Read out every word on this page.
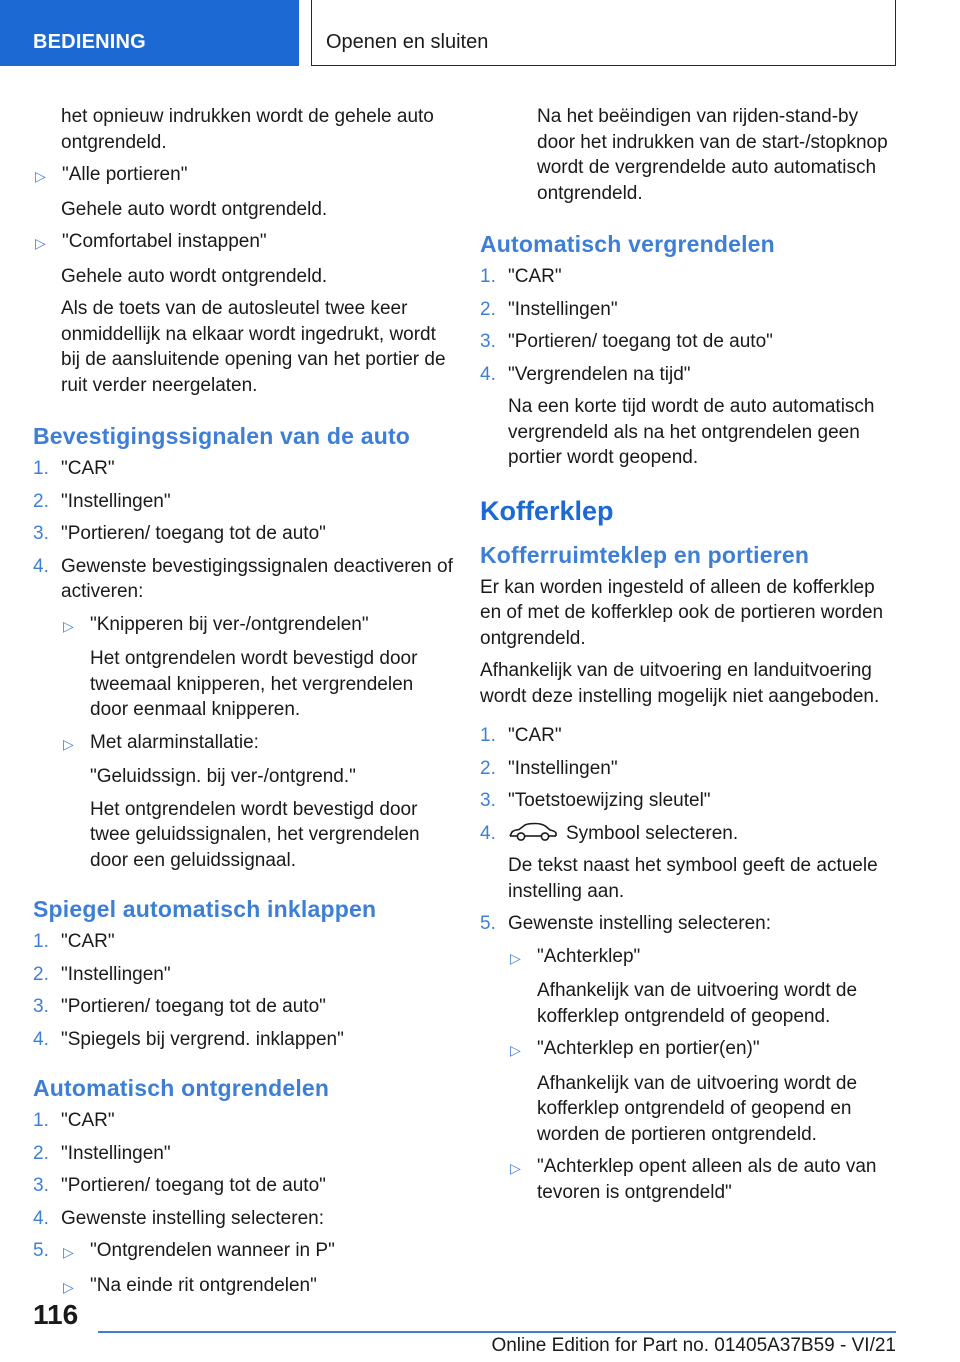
BEDIENING	Openen en sluiten

het opnieuw indrukken wordt de gehele auto ontgrendeld.

▷ "Alle portieren"

Gehele auto wordt ontgrendeld.

▷ "Comfortabel instappen"

Gehele auto wordt ontgrendeld.

Als de toets van de autosleutel twee keer onmiddellijk na elkaar wordt ingedrukt, wordt bij de aansluitende opening van het portier de ruit verder neergelaten.

Bevestigingssignalen van de auto
1. "CAR"
2. "Instellingen"
3. "Portieren/ toegang tot de auto"
4. Gewenste bevestigingssignalen deactiveren of activeren:
▷ "Knipperen bij ver-/ontgrendelen"

Het ontgrendelen wordt bevestigd door tweemaal knipperen, het vergrendelen door eenmaal knipperen.

▷ Met alarminstallatie:

"Geluidssign. bij ver-/ontgrend."

Het ontgrendelen wordt bevestigd door twee geluidssignalen, het vergrendelen door een geluidssignaal.

Spiegel automatisch inklappen
1. "CAR"
2. "Instellingen"
3. "Portieren/ toegang tot de auto"
4. "Spiegels bij vergrend. inklappen"
Automatisch ontgrendelen
1. "CAR"
2. "Instellingen"
3. "Portieren/ toegang tot de auto"
4. Gewenste instelling selecteren:
5.	▷ "Ontgrendelen wanneer in P"
▷ "Na einde rit ontgrendelen"

Na het beëindigen van rijden-stand-by door het indrukken van de start-/stopknop wordt de vergrendelde auto automatisch ontgrendeld.

Automatisch vergrendelen
1. "CAR"
2. "Instellingen"
3. "Portieren/ toegang tot de auto"
4. "Vergrendelen na tijd"

Na een korte tijd wordt de auto automatisch vergrendeld als na het ontgrendelen geen portier wordt geopend.

Kofferklep
Kofferruimteklep en portieren

Er kan worden ingesteld of alleen de kofferklep en of met de kofferklep ook de portieren worden ontgrendeld.

Afhankelijk van de uitvoering en landuitvoering wordt deze instelling mogelijk niet aangeboden.

1. "CAR"
2. "Instellingen"
3. "Toetstoewijzing sleutel"
4.	Symbool selecteren.

De tekst naast het symbool geeft de actuele instelling aan.

5. Gewenste instelling selecteren:
▷ "Achterklep"

Afhankelijk van de uitvoering wordt de kofferklep ontgrendeld of geopend.

▷ "Achterklep en portier(en)"

Afhankelijk van de uitvoering wordt de kofferklep ontgrendeld of geopend en worden de portieren ontgrendeld.

▷ "Achterklep opent alleen als de auto van tevoren is ontgrendeld"
116
Online Edition for Part no. 01405A37B59 - VI/21
